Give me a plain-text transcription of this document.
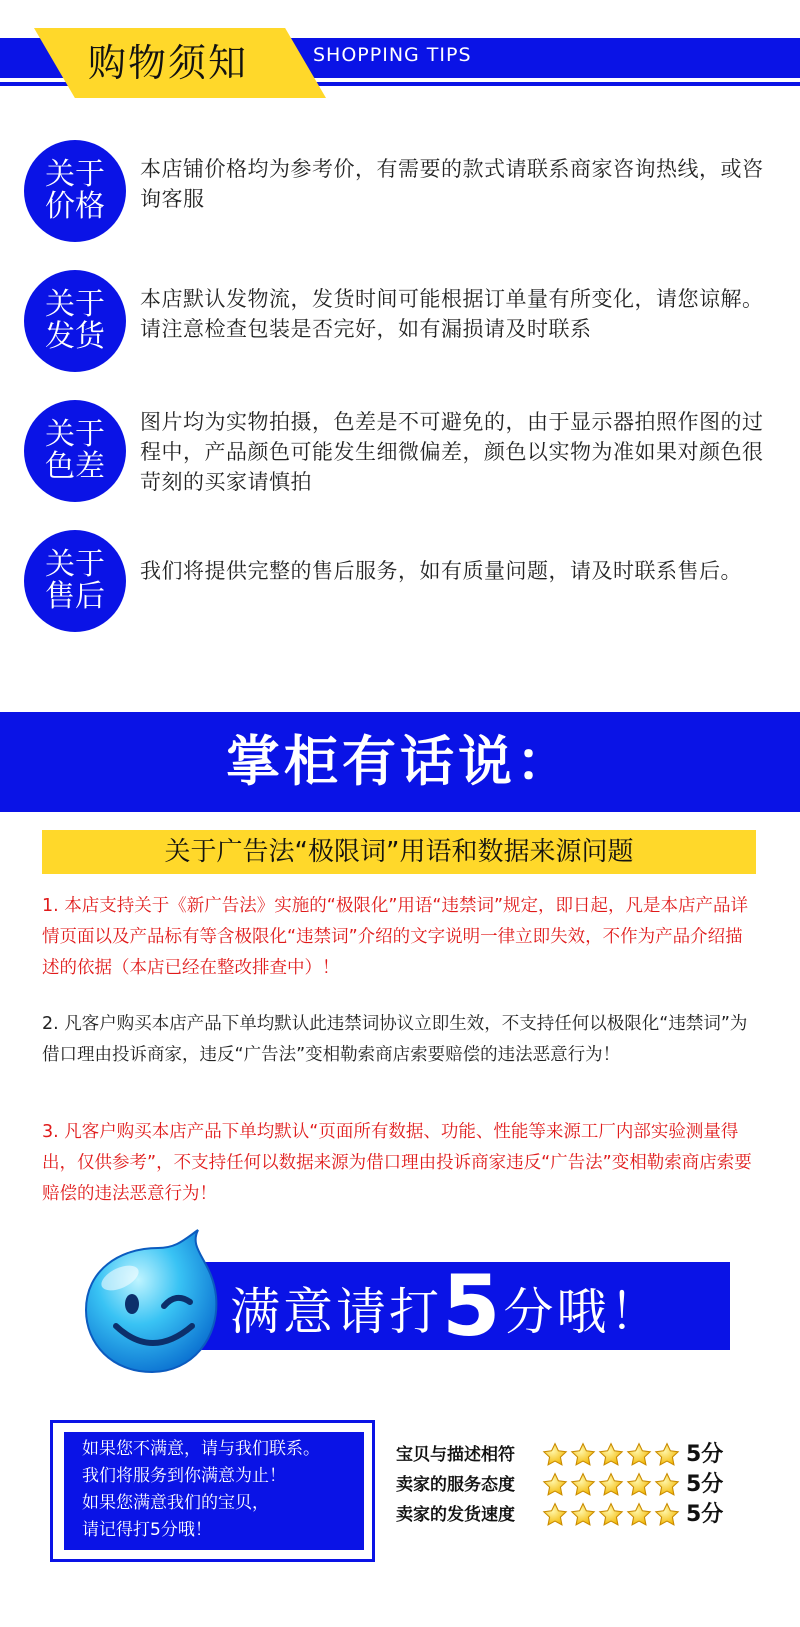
购物须知	SHOPPING TIPS
关于价格
本店铺价格均为参考价，有需要的款式请联系商家咨询热线，或咨询客服
关于发货
本店默认发物流，发货时间可能根据订单量有所变化，请您谅解。请注意检查包装是否完好，如有漏损请及时联系
关于色差
图片均为实物拍摄，色差是不可避免的，由于显示器拍照作图的过程中，产品颜色可能发生细微偏差，颜色以实物为准如果对颜色很苛刻的买家请慎拍
关于售后
我们将提供完整的售后服务，如有质量问题，请及时联系售后。
掌柜有话说：
关于广告法“极限词”用语和数据来源问题
1. 本店支持关于《新广告法》实施的“极限化”用语“违禁词”规定，即日起，凡是本店产品详情页面以及产品标有等含极限化“违禁词”介绍的文字说明一律立即失效，不作为产品介绍描述的依据（本店已经在整改排查中）！
2. 凡客户购买本店产品下单均默认此违禁词协议立即生效，不支持任何以极限化“违禁词”为借口理由投诉商家，违反“广告法”变相勒索商店索要赔偿的违法恶意行为！
3. 凡客户购买本店产品下单均默认“页面所有数据、功能、性能等来源工厂内部实验测量得出，仅供参考”，不支持任何以数据来源为借口理由投诉商家违反“广告法”变相勒索商店索要赔偿的违法恶意行为！
满意请打5分哦！
如果您不满意，请与我们联系。
我们将服务到你满意为止！
如果您满意我们的宝贝，
请记得打5分哦！
宝贝与描述相符	5分
卖家的服务态度	5分
卖家的发货速度	5分
